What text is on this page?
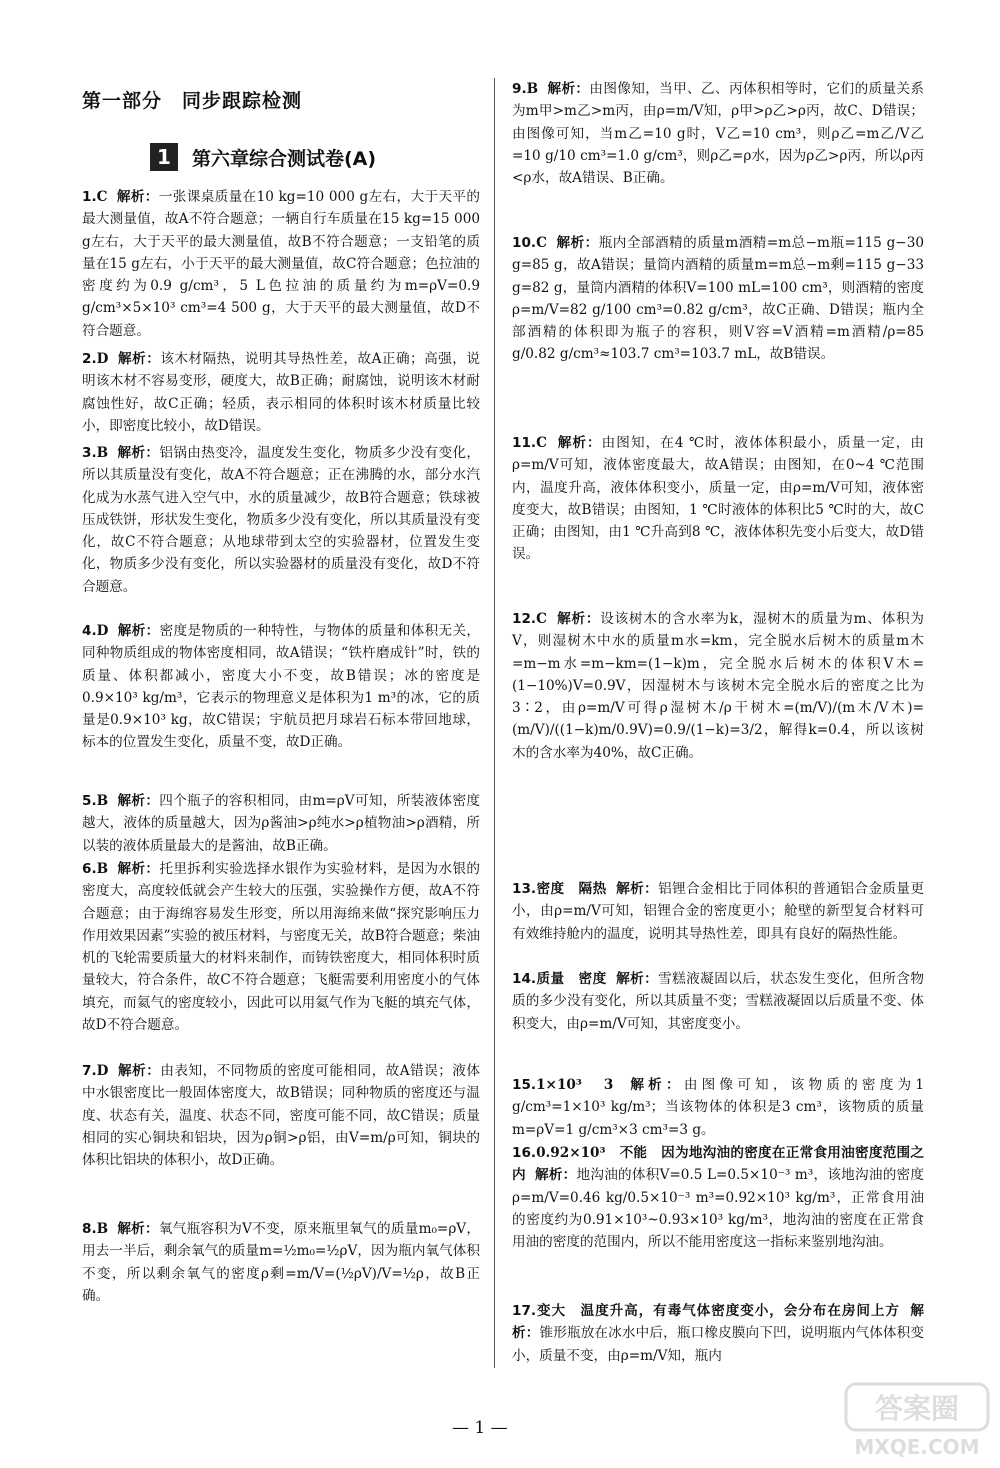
第一部分　同步跟踪检测
1	第六章综合测试卷(A)
1.C 解析：一张课桌质量在10 kg=10 000 g左右，大于天平的最大测量值，故A不符合题意；一辆自行车质量在15 kg=15 000 g左右，大于天平的最大测量值，故B不符合题意；一支铅笔的质量在15 g左右，小于天平的最大测量值，故C符合题意；色拉油的密度约为0.9 g/cm³，5 L色拉油的质量约为m=ρV=0.9 g/cm³×5×10³ cm³=4 500 g，大于天平的最大测量值，故D不符合题意。
2.D 解析：该木材隔热，说明其导热性差，故A正确；高强，说明该木材不容易变形，硬度大，故B正确；耐腐蚀，说明该木材耐腐蚀性好，故C正确；轻质，表示相同的体积时该木材质量比较小，即密度比较小，故D错误。
3.B 解析：铝锅由热变冷，温度发生变化，物质多少没有变化，所以其质量没有变化，故A不符合题意；正在沸腾的水，部分水汽化成为水蒸气进入空气中，水的质量减少，故B符合题意；铁球被压成铁饼，形状发生变化，物质多少没有变化，所以其质量没有变化，故C不符合题意；从地球带到太空的实验器材，位置发生变化，物质多少没有变化，所以实验器材的质量没有变化，故D不符合题意。
4.D 解析：密度是物质的一种特性，与物体的质量和体积无关，同种物质组成的物体密度相同，故A错误；“铁杵磨成针”时，铁的质量、体积都减小，密度大小不变，故B错误；冰的密度是0.9×10³ kg/m³，它表示的物理意义是体积为1 m³的冰，它的质量是0.9×10³ kg，故C错误；宇航员把月球岩石标本带回地球，标本的位置发生变化，质量不变，故D正确。
5.B 解析：四个瓶子的容积相同，由m=ρV可知，所装液体密度越大，液体的质量越大，因为ρ酱油>ρ纯水>ρ植物油>ρ酒精，所以装的液体质量最大的是酱油，故B正确。
6.B 解析：托里拆利实验选择水银作为实验材料，是因为水银的密度大，高度较低就会产生较大的压强，实验操作方便，故A不符合题意；由于海绵容易发生形变，所以用海绵来做“探究影响压力作用效果因素”实验的被压材料，与密度无关，故B符合题意；柴油机的飞轮需要质量大的材料来制作，而铸铁密度大，相同体积时质量较大，符合条件，故C不符合题意；飞艇需要利用密度小的气体填充，而氦气的密度较小，因此可以用氦气作为飞艇的填充气体，故D不符合题意。
7.D 解析：由表知，不同物质的密度可能相同，故A错误；液体中水银密度比一般固体密度大，故B错误；同种物质的密度还与温度、状态有关，温度、状态不同，密度可能不同，故C错误；质量相同的实心铜块和铝块，因为ρ铜>ρ铝，由V=m/ρ可知，铜块的体积比铝块的体积小，故D正确。
8.B 解析：氧气瓶容积为V不变，原来瓶里氧气的质量m₀=ρV，用去一半后，剩余氧气的质量m=½m₀=½ρV，因为瓶内氧气体积不变，所以剩余氧气的密度ρ剩=m/V=(½ρV)/V=½ρ，故B正确。
9.B 解析：由图像知，当甲、乙、丙体积相等时，它们的质量关系为m甲>m乙>m丙，由ρ=m/V知，ρ甲>ρ乙>ρ丙，故C、D错误；由图像可知，当m乙=10 g时，V乙=10 cm³，则ρ乙=m乙/V乙=10 g/10 cm³=1.0 g/cm³，则ρ乙=ρ水，因为ρ乙>ρ丙，所以ρ丙<ρ水，故A错误、B正确。
10.C 解析：瓶内全部酒精的质量m酒精=m总−m瓶=115 g−30 g=85 g，故A错误；量筒内酒精的质量m=m总−m剩=115 g−33 g=82 g，量筒内酒精的体积V=100 mL=100 cm³，则酒精的密度ρ=m/V=82 g/100 cm³=0.82 g/cm³，故C正确、D错误；瓶内全部酒精的体积即为瓶子的容积，则V容=V酒精=m酒精/ρ=85 g/0.82 g/cm³≈103.7 cm³=103.7 mL，故B错误。
11.C 解析：由图知，在4 ℃时，液体体积最小，质量一定，由ρ=m/V可知，液体密度最大，故A错误；由图知，在0~4 ℃范围内，温度升高，液体体积变小，质量一定，由ρ=m/V可知，液体密度变大，故B错误；由图知，1 ℃时液体的体积比5 ℃时的大，故C正确；由图知，由1 ℃升高到8 ℃，液体体积先变小后变大，故D错误。
12.C 解析：设该树木的含水率为k，湿树木的质量为m、体积为V，则湿树木中水的质量m水=km，完全脱水后树木的质量m木=m−m水=m−km=(1−k)m，完全脱水后树木的体积V木=(1−10%)V=0.9V，因湿树木与该树木完全脱水后的密度之比为3∶2，由ρ=m/V可得ρ湿树木/ρ干树木=(m/V)/(m木/V木)=(m/V)/((1−k)m/0.9V)=0.9/(1−k)=3/2，解得k=0.4，所以该树木的含水率为40%，故C正确。
13.密度　隔热 解析：铝锂合金相比于同体积的普通铝合金质量更小，由ρ=m/V可知，铝锂合金的密度更小；舱壁的新型复合材料可有效维持舱内的温度，说明其导热性差，即具有良好的隔热性能。
14.质量　密度 解析：雪糕液凝固以后，状态发生变化，但所含物质的多少没有变化，所以其质量不变；雪糕液凝固以后质量不变、体积变大，由ρ=m/V可知，其密度变小。
15.1×10³　3 解析：由图像可知，该物质的密度为1 g/cm³=1×10³ kg/m³；当该物体的体积是3 cm³，该物质的质量m=ρV=1 g/cm³×3 cm³=3 g。
16.0.92×10³　不能　因为地沟油的密度在正常食用油密度范围之内 解析：地沟油的体积V=0.5 L=0.5×10⁻³ m³，该地沟油的密度ρ=m/V=0.46 kg/0.5×10⁻³ m³=0.92×10³ kg/m³，正常食用油的密度约为0.91×10³~0.93×10³ kg/m³，地沟油的密度在正常食用油的密度的范围内，所以不能用密度这一指标来鉴别地沟油。
17.变大　温度升高，有毒气体密度变小，会分布在房间上方 解析：锥形瓶放在冰水中后，瓶口橡皮膜向下凹，说明瓶内气体体积变小，质量不变，由ρ=m/V知，瓶内
— 1 —
答案圈
MXQE.COM
